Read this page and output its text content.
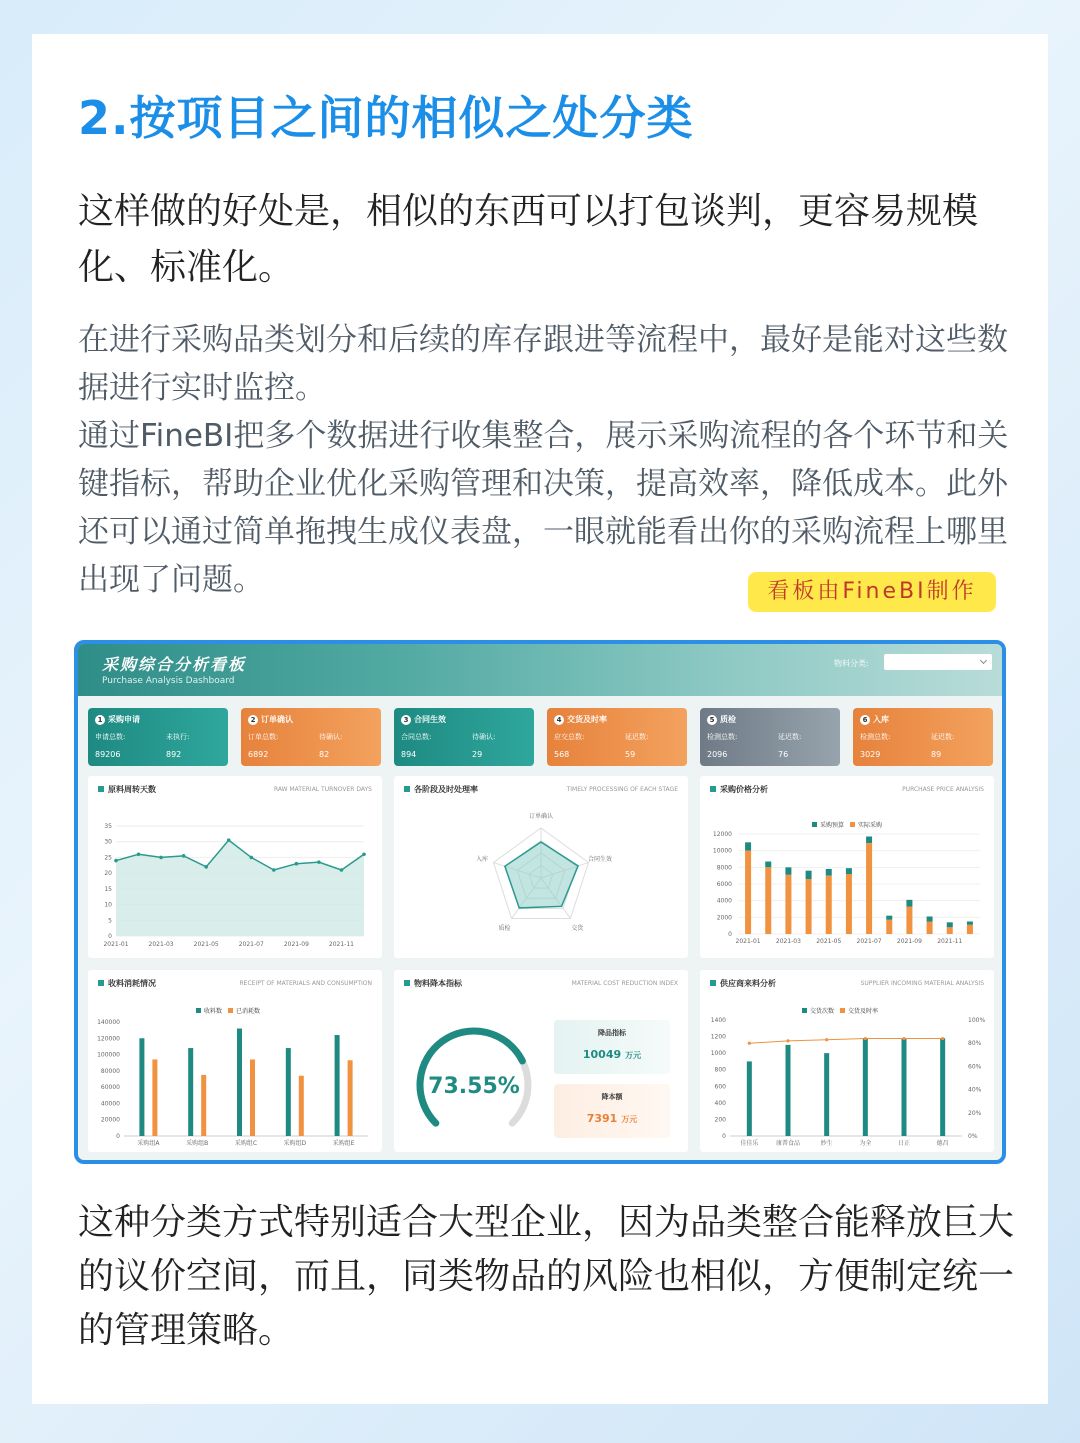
2.按项目之间的相似之处分类
这样做的好处是，相似的东西可以打包谈判，更容易规模化、标准化。
在进行采购品类划分和后续的库存跟进等流程中，最好是能对这些数据进行实时监控。
通过FineBI把多个数据进行收集整合，展示采购流程的各个环节和关键指标，帮助企业优化采购管理和决策，提高效率，降低成本。此外还可以通过简单拖拽生成仪表盘，一眼就能看出你的采购流程上哪里出现了问题。	看板由FineBI制作
采购综合分析看板
Purchase Analysis Dashboard
物料分类:
1 采购申请
申请总数:	未执行:
89206	892
2 订单确认
订单总数:	待确认:
6892	82
3 合同生效
合同总数:	待确认:
894	29
4 交货及时率
应交总数:	延迟数:
568	59
5 质检
检测总数:	延迟数:
2096	76
6 入库
检测总数:	延迟数:
3029	89
原料周转天数	RAW MATERIAL TURNOVER DAYS
0
5
10
15
20
25
30
35
2021-01	2021-03	2021-05	2021-07	2021-09	2021-11
各阶段及时处理率	TIMELY PROCESSING OF EACH STAGE
订单确认
合同生效
交货
质检
入库
采购价格分析	PURCHASE PRICE ANALYSIS
采购预算 实际采购
0
2000
4000
6000
8000
10000
12000
2021-01	2021-03	2021-05	2021-07	2021-09	2021-11
收料消耗情况	RECEIPT OF MATERIALS AND CONSUMPTION
收料数 已消耗数
0
20000
40000
60000
80000
100000
120000
140000
采购组A	采购组B	采购组C	采购组D	采购组E
物料降本指标	MATERIAL COST REDUCTION INDEX
73.55%
降品指标
10049 万元
降本额
7391 万元
供应商来料分析	SUPPLIER INCOMING MATERIAL ANALYSIS
交货次数 交货及时率
0
200
400
600
800
1000
1200
1400
0%
20%
40%
60%
80%
100%
佳佳乐	康普食品	妙生	为全	日正	德昌
这种分类方式特别适合大型企业，因为品类整合能释放巨大的议价空间，而且，同类物品的风险也相似，方便制定统一的管理策略。
